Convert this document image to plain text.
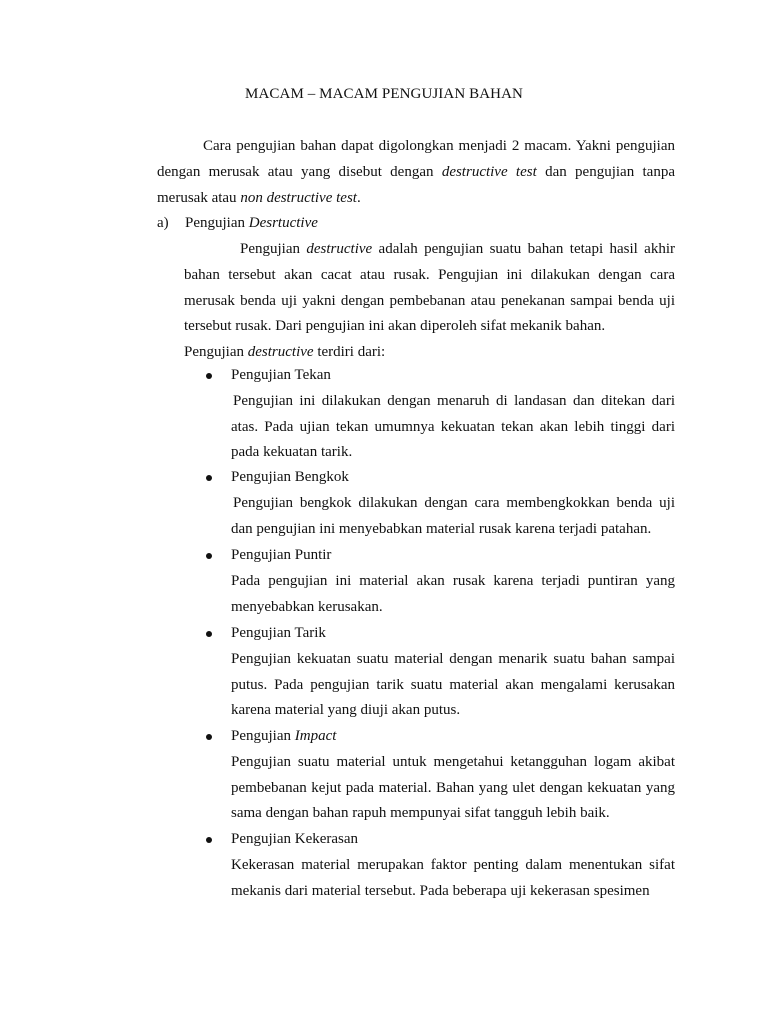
MACAM – MACAM PENGUJIAN BAHAN

Cara pengujian bahan dapat digolongkan menjadi 2 macam. Yakni pengujian dengan merusak atau yang disebut dengan destructive test dan pengujian tanpa merusak atau non destructive test.

a) Pengujian Desrtuctive

Pengujian destructive adalah pengujian suatu bahan tetapi hasil akhir bahan tersebut akan cacat atau rusak. Pengujian ini dilakukan dengan cara merusak benda uji yakni dengan pembebanan atau penekanan sampai benda uji tersebut rusak. Dari pengujian ini akan diperoleh sifat mekanik bahan.

Pengujian destructive terdiri dari:
Pengujian Tekan

Pengujian ini dilakukan dengan menaruh di landasan dan ditekan dari atas. Pada ujian tekan umumnya kekuatan tekan akan lebih tinggi dari pada kekuatan tarik.

Pengujian Bengkok

Pengujian bengkok dilakukan dengan cara membengkokkan benda uji dan pengujian ini menyebabkan material rusak karena terjadi patahan.

Pengujian Puntir

Pada pengujian ini material akan rusak karena terjadi puntiran yang menyebabkan kerusakan.

Pengujian Tarik

Pengujian kekuatan suatu material dengan menarik suatu bahan sampai putus. Pada pengujian tarik suatu material akan mengalami kerusakan karena material yang diuji akan putus.

Pengujian Impact

Pengujian suatu material untuk mengetahui ketangguhan logam akibat pembebanan kejut pada material. Bahan yang ulet dengan kekuatan yang sama dengan bahan rapuh mempunyai sifat tangguh lebih baik.

Pengujian Kekerasan

Kekerasan material merupakan faktor penting dalam menentukan sifat mekanis dari material tersebut. Pada beberapa uji kekerasan spesimen
